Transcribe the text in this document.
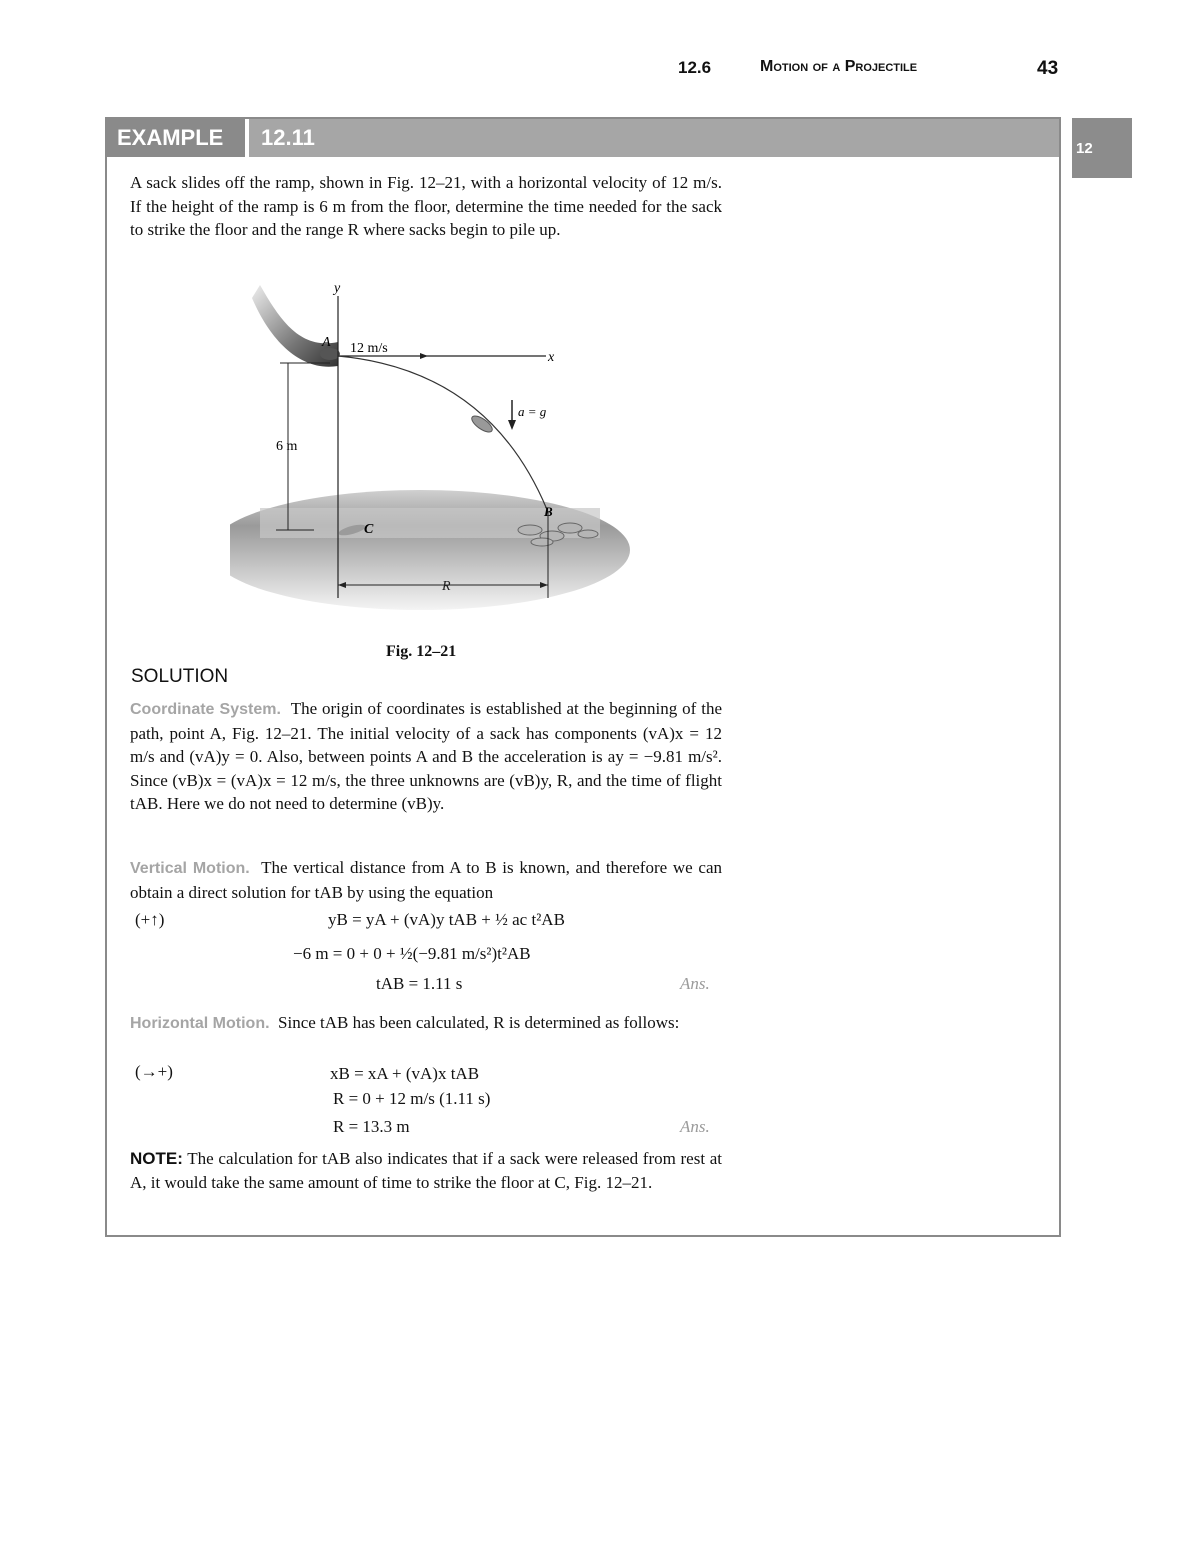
12.6	Motion of a Projectile	43
12
EXAMPLE	12.11
A sack slides off the ramp, shown in Fig. 12–21, with a horizontal velocity of 12 m/s. If the height of the ramp is 6 m from the floor, determine the time needed for the sack to strike the floor and the range R where sacks begin to pile up.
y
x
A 12 m/s
a = g
6 m
B
C
R
Fig. 12–21
SOLUTION

Coordinate System. The origin of coordinates is established at the beginning of the path, point A, Fig. 12–21. The initial velocity of a sack has components (vA)x = 12 m/s and (vA)y = 0. Also, between points A and B the acceleration is ay = −9.81 m/s². Since (vB)x = (vA)x = 12 m/s, the three unknowns are (vB)y, R, and the time of flight tAB. Here we do not need to determine (vB)y.

Vertical Motion. The vertical distance from A to B is known, and therefore we can obtain a direct solution for tAB by using the equation

(+↑)	yB = yA + (vA)y tAB + ½ ac t²AB
−6 m = 0 + 0 + ½(−9.81 m/s²)t²AB
tAB = 1.11 s	Ans.

Horizontal Motion. Since tAB has been calculated, R is determined as follows:

(→+)	xB = xA + (vA)x tAB
R = 0 + 12 m/s (1.11 s)
R = 13.3 m	Ans.

NOTE: The calculation for tAB also indicates that if a sack were released from rest at A, it would take the same amount of time to strike the floor at C, Fig. 12–21.
